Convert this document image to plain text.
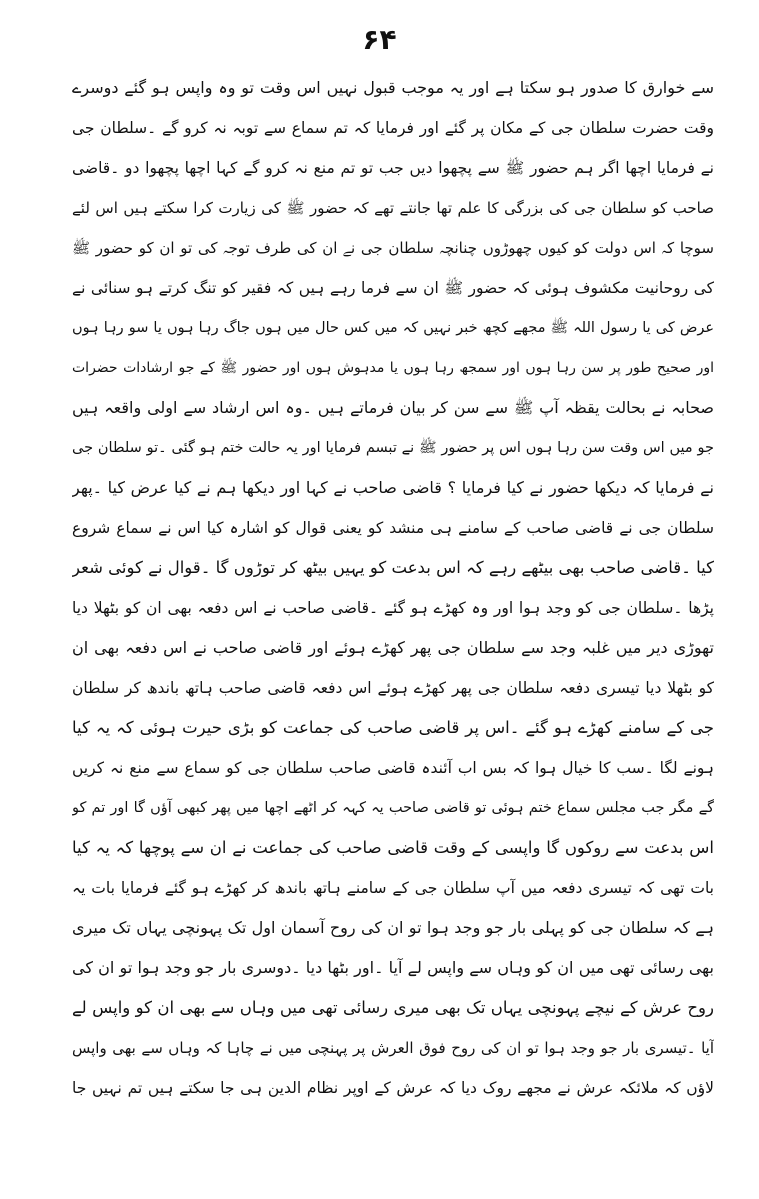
۶۴
سے خوارق کا صدور ہو سکتا ہے اور یہ موجب قبول نہیں اس وقت تو وہ واپس ہو گئے دوسرے
وقت حضرت سلطان جی کے مکان پر گئے اور فرمایا کہ تم سماع سے توبہ نہ کرو گے ۔سلطان جی
نے فرمایا اچھا اگر ہم حضور ﷺ سے پچھوا دیں جب تو تم منع نہ کرو گے کہا اچھا پچھوا دو ۔قاضی
صاحب کو سلطان جی کی بزرگی کا علم تھا جانتے تھے کہ حضور ﷺ کی زیارت کرا سکتے ہیں اس لئے
سوچا کہ اس دولت کو کیوں چھوڑوں چنانچہ سلطان جی نے ان کی طرف توجہ کی تو ان کو حضور ﷺ
کی روحانیت مکشوف ہوئی کہ حضور ﷺ ان سے فرما رہے ہیں کہ فقیر کو تنگ کرتے ہو سنائی نے
عرض کی یا رسول اللہ ﷺ مجھے کچھ خبر نہیں کہ میں کس حال میں ہوں جاگ رہا ہوں یا سو رہا ہوں
اور صحیح طور پر سن رہا ہوں اور سمجھ رہا ہوں یا مدہوش ہوں اور حضور ﷺ کے جو ارشادات حضرات
صحابہ نے بحالت یقظہ آپ ﷺ سے سن کر بیان فرماتے ہیں ۔وہ اس ارشاد سے اولی واقعہ ہیں
جو میں اس وقت سن رہا ہوں اس پر حضور ﷺ نے تبسم فرمایا اور یہ حالت ختم ہو گئی ۔تو سلطان جی
نے فرمایا کہ دیکھا حضور نے کیا فرمایا ؟ قاضی صاحب نے کہا اور دیکھا ہم نے کیا عرض کیا ۔پھر
سلطان جی نے قاضی صاحب کے سامنے ہی منشد کو یعنی قوال کو اشارہ کیا اس نے سماع شروع
کیا ۔قاضی صاحب بھی بیٹھے رہے کہ اس بدعت کو یہیں بیٹھ کر توڑوں گا ۔قوال نے کوئی شعر
پڑھا ۔سلطان جی کو وجد ہوا اور وہ کھڑے ہو گئے ۔قاضی صاحب نے اس دفعہ بھی ان کو بٹھلا دیا
تھوڑی دیر میں غلبہ وجد سے سلطان جی پھر کھڑے ہوئے اور قاضی صاحب نے اس دفعہ بھی ان
کو بٹھلا دیا تیسری دفعہ سلطان جی پھر کھڑے ہوئے اس دفعہ قاضی صاحب ہاتھ باندھ کر سلطان
جی کے سامنے کھڑے ہو گئے ۔اس پر قاضی صاحب کی جماعت کو بڑی حیرت ہوئی کہ یہ کیا
ہونے لگا ۔سب کا خیال ہوا کہ بس اب آئندہ قاضی صاحب سلطان جی کو سماع سے منع نہ کریں
گے مگر جب مجلس سماع ختم ہوئی تو قاضی صاحب یہ کہہ کر اٹھے اچھا میں پھر کبھی آؤں گا اور تم کو
اس بدعت سے روکوں گا واپسی کے وقت قاضی صاحب کی جماعت نے ان سے پوچھا کہ یہ کیا
بات تھی کہ تیسری دفعہ میں آپ سلطان جی کے سامنے ہاتھ باندھ کر کھڑے ہو گئے فرمایا بات یہ
ہے کہ سلطان جی کو پہلی بار جو وجد ہوا تو ان کی روح آسمان اول تک پہونچی یہاں تک میری
بھی رسائی تھی میں ان کو وہاں سے واپس لے آیا ۔اور بٹھا دیا ۔دوسری بار جو وجد ہوا تو ان کی
روح عرش کے نیچے پہونچی یہاں تک بھی میری رسائی تھی میں وہاں سے بھی ان کو واپس لے
آیا ۔تیسری بار جو وجد ہوا تو ان کی روح فوق العرش پر پہنچی میں نے چاہا کہ وہاں سے بھی واپس
لاؤں کہ ملائکہ عرش نے مجھے روک دیا کہ عرش کے اوپر نظام الدین ہی جا سکتے ہیں تم نہیں جا
